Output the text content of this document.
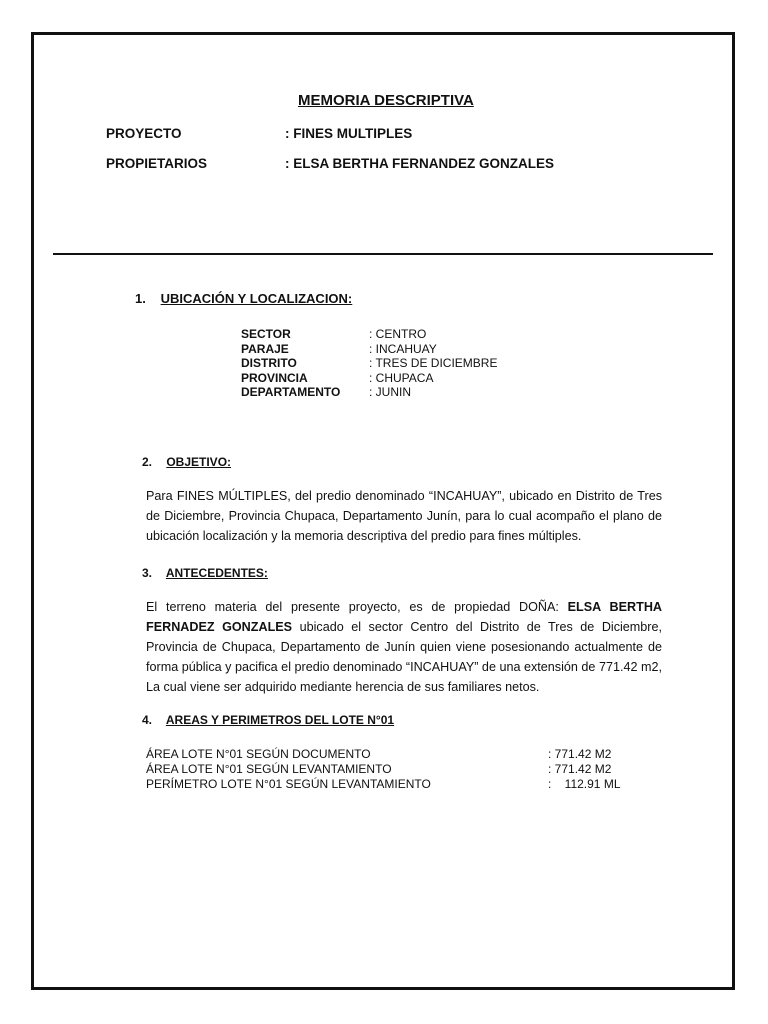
MEMORIA DESCRIPTIVA
PROYECTO	: FINES MULTIPLES
PROPIETARIOS	: ELSA BERTHA FERNANDEZ GONZALES
1. UBICACIÓN Y LOCALIZACION:
SECTOR	: CENTRO
PARAJE	: INCAHUAY
DISTRITO	: TRES DE DICIEMBRE
PROVINCIA	: CHUPACA
DEPARTAMENTO	: JUNIN
2. OBJETIVO:
Para FINES MÚLTIPLES, del predio denominado “INCAHUAY”, ubicado en Distrito de Tres de Diciembre, Provincia Chupaca, Departamento Junín, para lo cual acompaño el plano de ubicación localización y la memoria descriptiva del predio para fines múltiples.
3. ANTECEDENTES:
El terreno materia del presente proyecto, es de propiedad DOÑA: ELSA BERTHA FERNADEZ GONZALES ubicado el sector Centro del Distrito de Tres de Diciembre, Provincia de Chupaca, Departamento de Junín quien viene posesionando actualmente de forma pública y pacifica el predio denominado “INCAHUAY” de una extensión de 771.42 m2, La cual viene ser adquirido mediante herencia de sus familiares netos.
4. AREAS Y PERIMETROS DEL LOTE N°01
ÁREA LOTE N°01 SEGÚN DOCUMENTO	: 771.42 M2
ÁREA LOTE N°01 SEGÚN LEVANTAMIENTO	: 771.42 M2
PERÍMETRO LOTE N°01 SEGÚN LEVANTAMIENTO	:    112.91 ML
